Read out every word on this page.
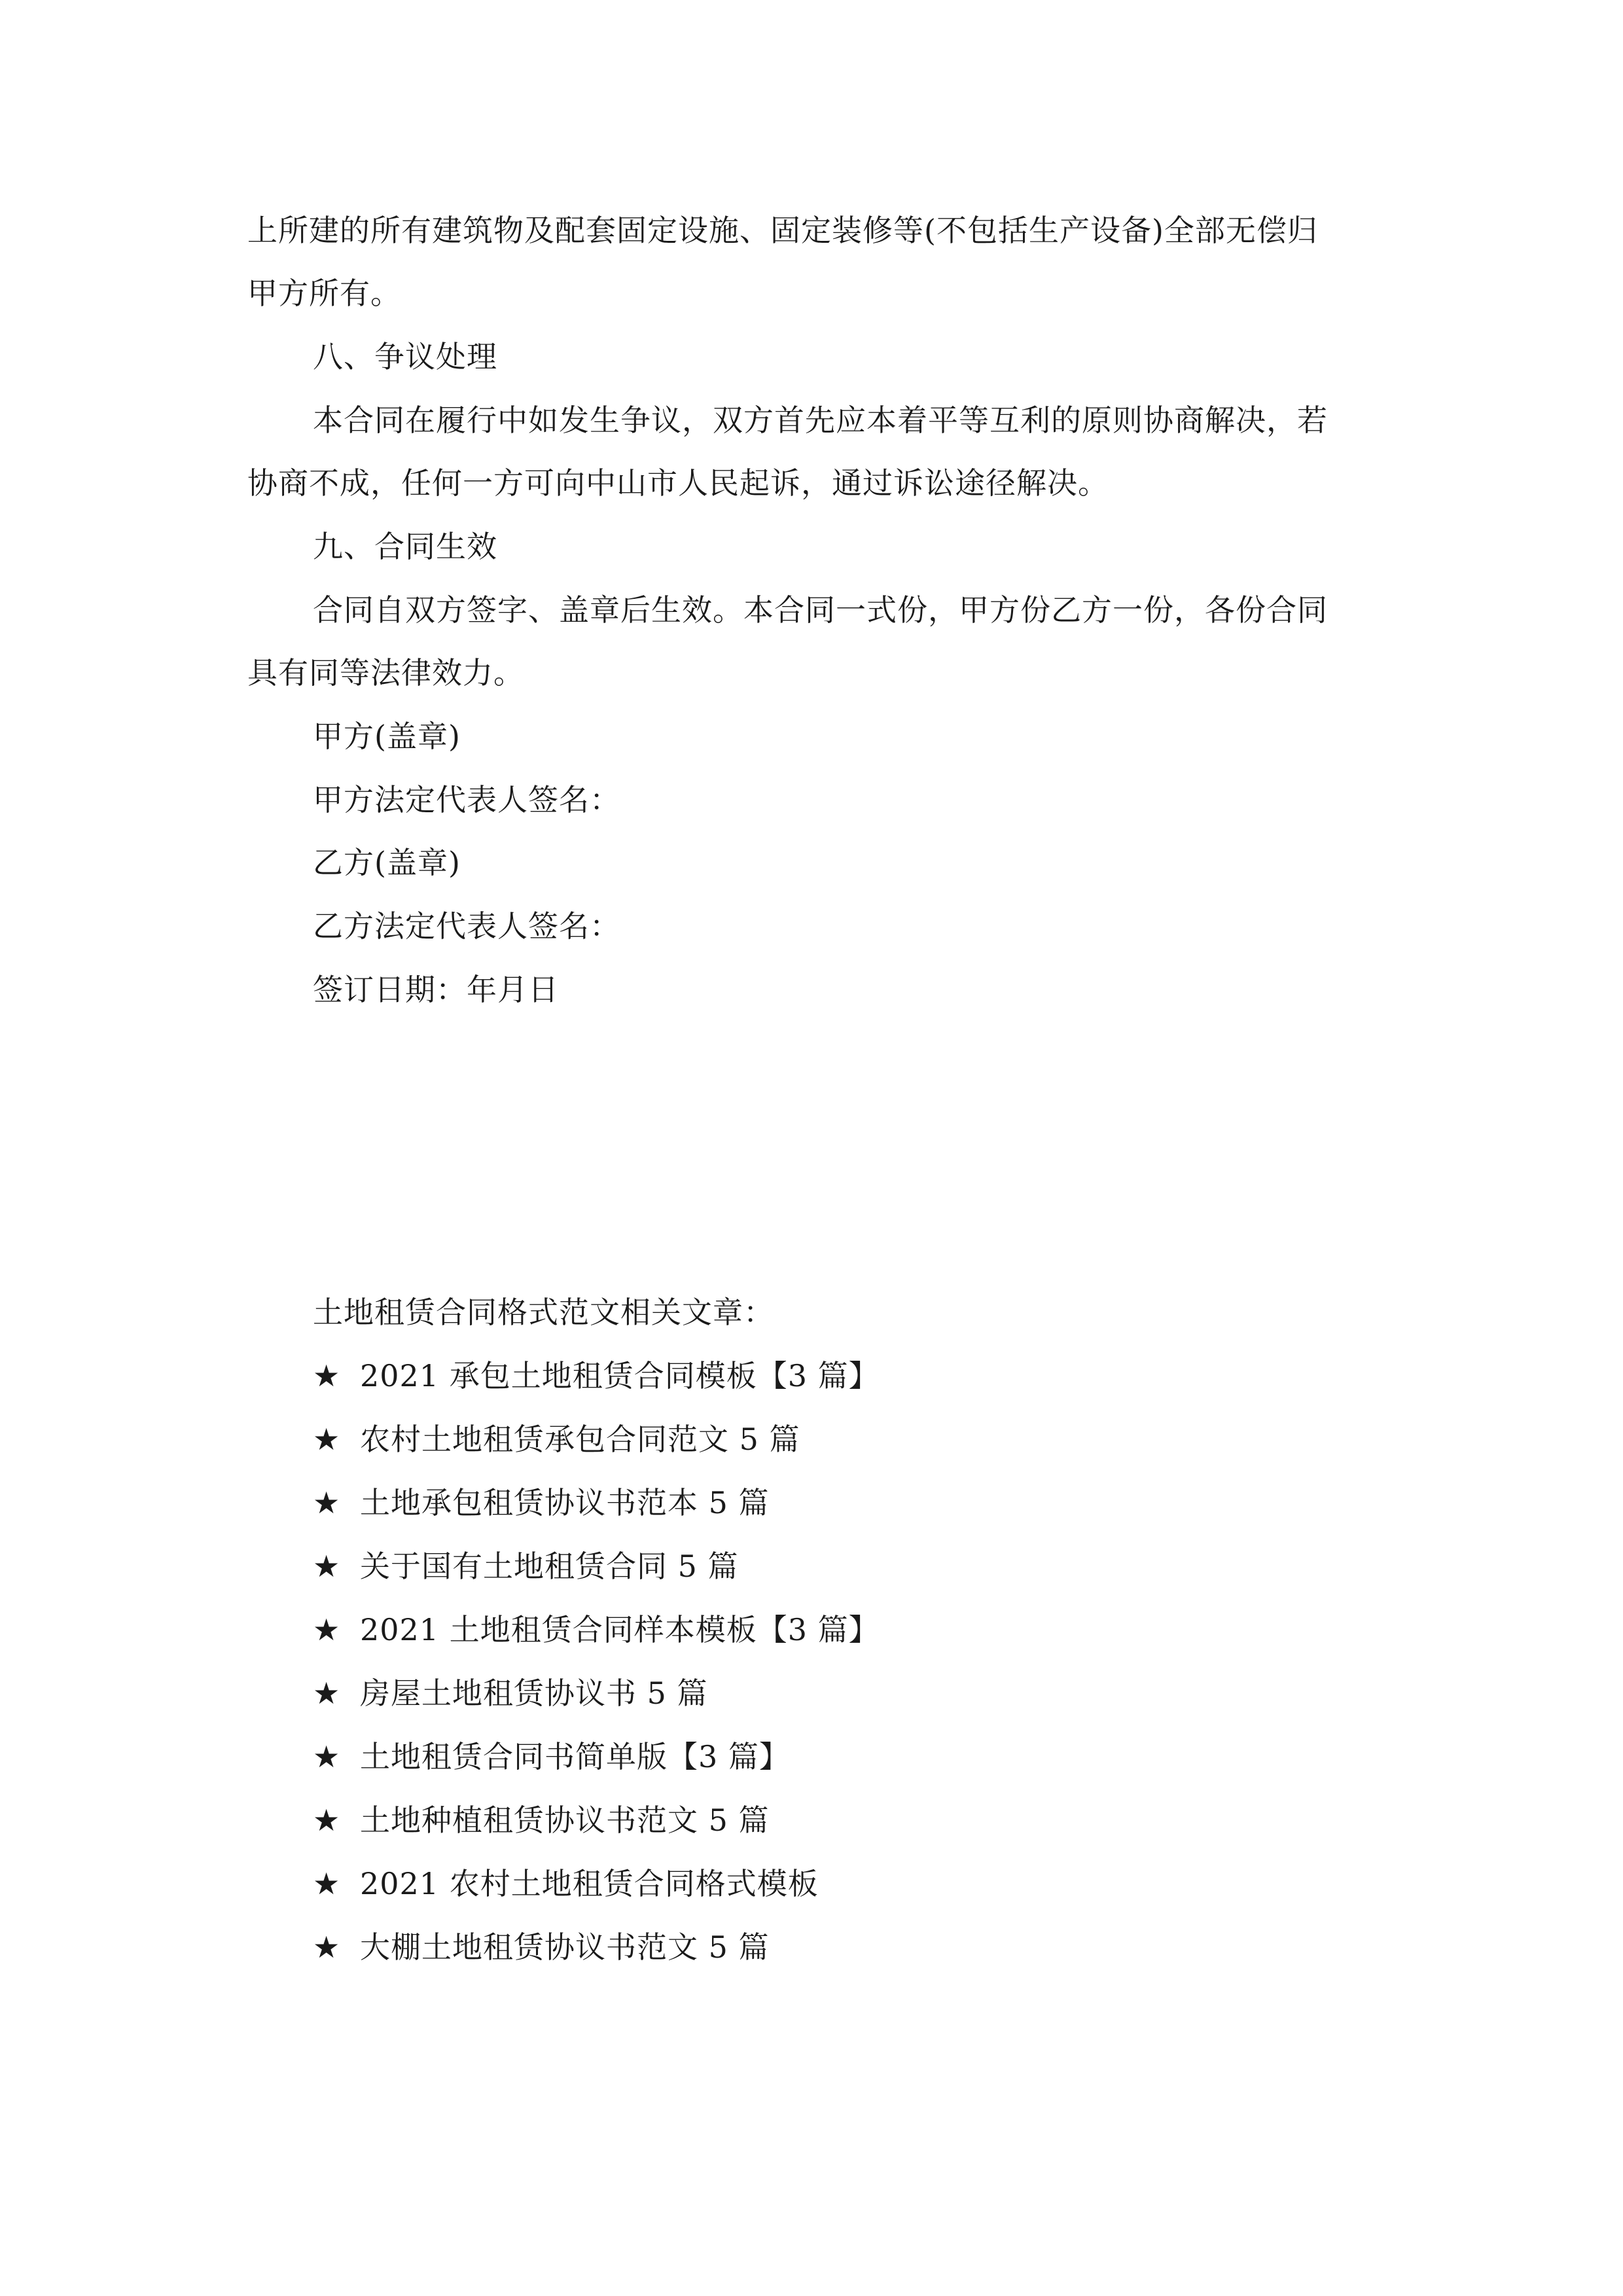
上所建的所有建筑物及配套固定设施、固定装修等(不包括生产设备)全部无偿归
甲方所有。
八、争议处理
本合同在履行中如发生争议，双方首先应本着平等互利的原则协商解决，若
协商不成，任何一方可向中山市人民起诉，通过诉讼途径解决。
九、合同生效
合同自双方签字、盖章后生效。本合同一式份，甲方份乙方一份，各份合同
具有同等法律效力。
甲方(盖章)
甲方法定代表人签名：
乙方(盖章)
乙方法定代表人签名：
签订日期：年月日
土地租赁合同格式范文相关文章：
★ 2021 承包土地租赁合同模板【3 篇】
★ 农村土地租赁承包合同范文 5 篇
★ 土地承包租赁协议书范本 5 篇
★ 关于国有土地租赁合同 5 篇
★ 2021 土地租赁合同样本模板【3 篇】
★ 房屋土地租赁协议书 5 篇
★ 土地租赁合同书简单版【3 篇】
★ 土地种植租赁协议书范文 5 篇
★ 2021 农村土地租赁合同格式模板
★ 大棚土地租赁协议书范文 5 篇
